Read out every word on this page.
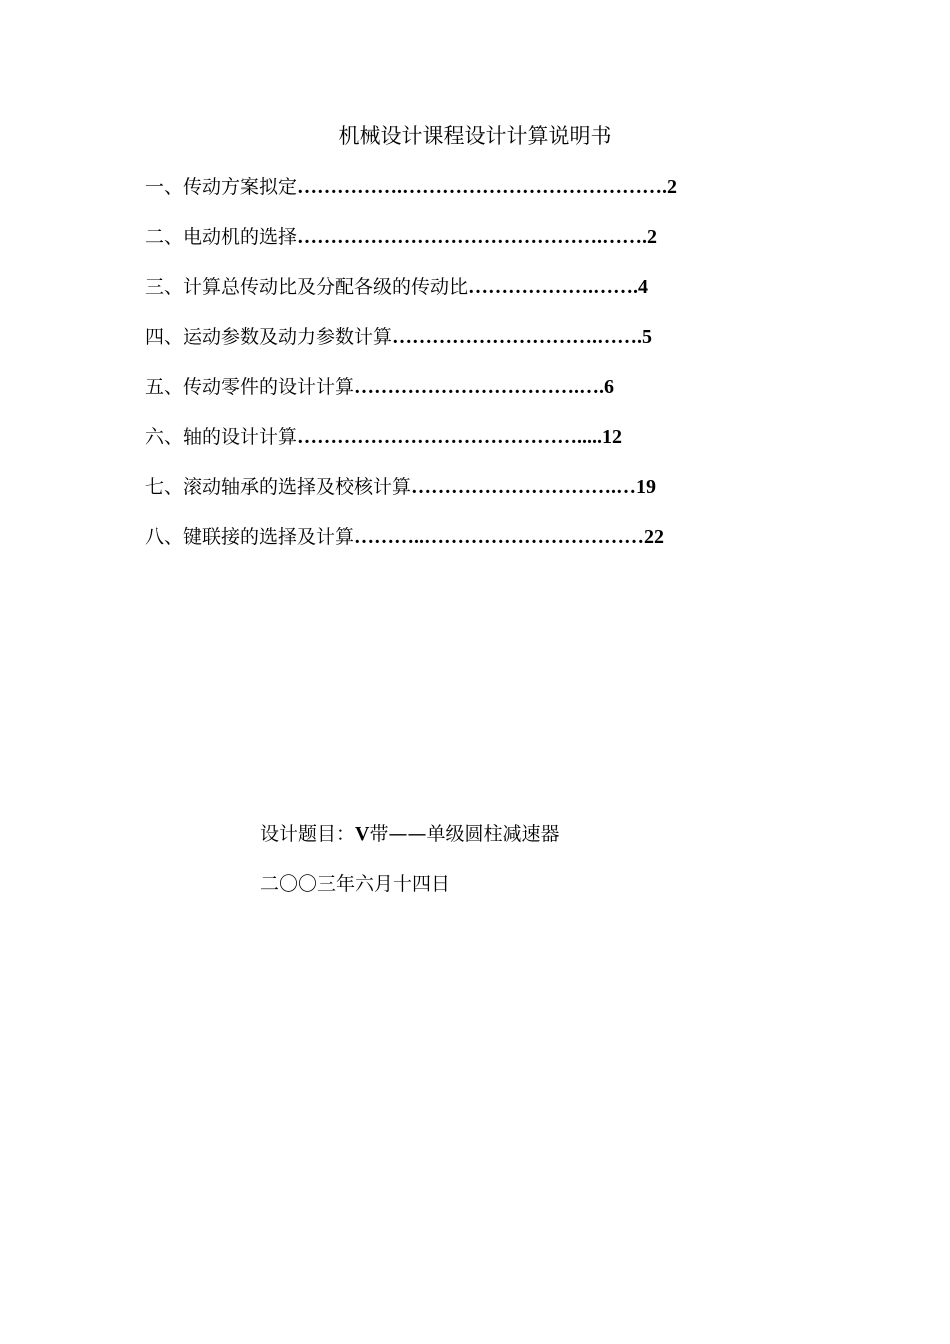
机械设计课程设计计算说明书
一、传动方案拟定…………….………………………………….2
二、电动机的选择……………………………………….…….2
三、计算总传动比及分配各级的传动比……………….…….4
四、运动参数及动力参数计算………………………….…….5
五、传动零件的设计计算…………………………….….6
六、轴的设计计算…………………………………….....12
七、滚动轴承的选择及校核计算………………………….…19
八、键联接的选择及计算………..……………………………22
设计题目：V带——单级圆柱减速器
二〇〇三年六月十四日
